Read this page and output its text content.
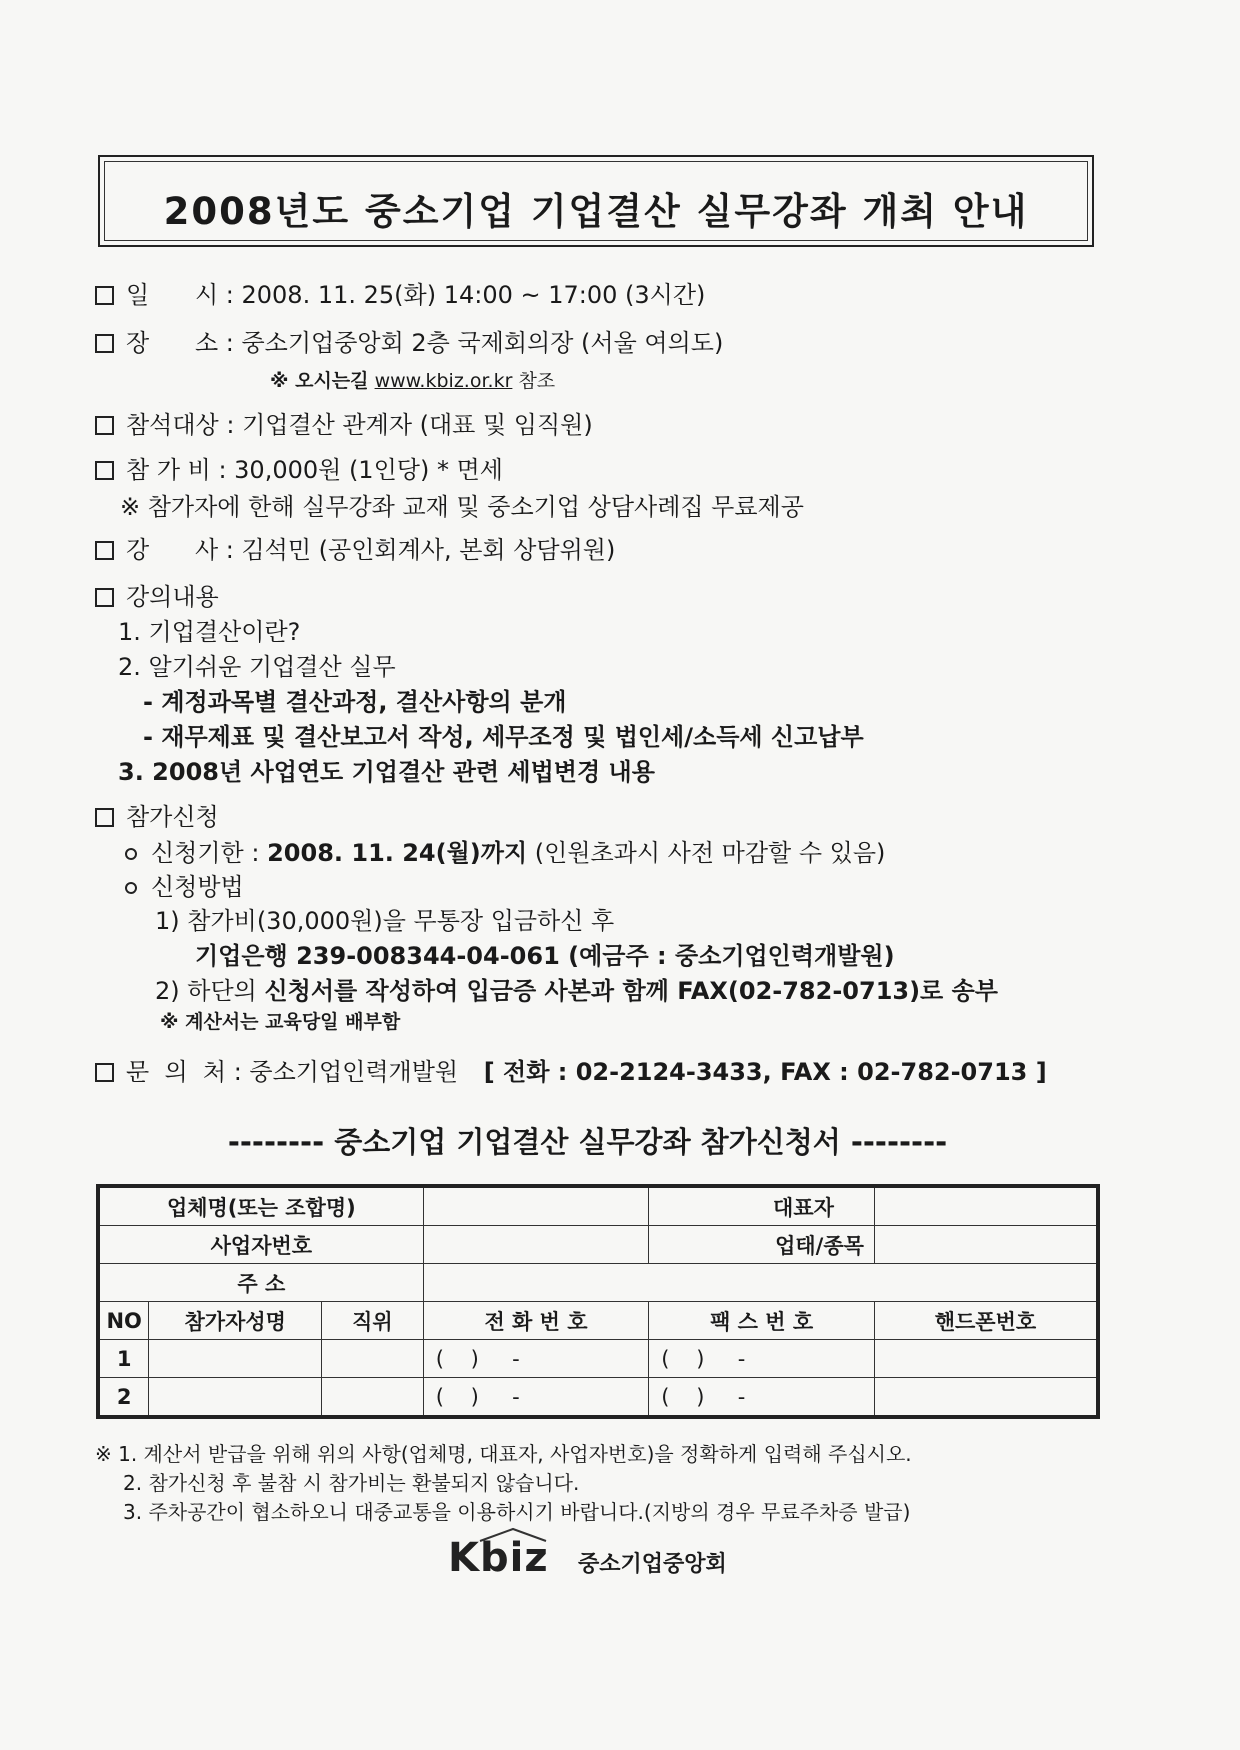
2008년도 중소기업 기업결산 실무강좌 개최 안내
일      시 : 2008. 11. 25(화) 14:00 ~ 17:00 (3시간)
장      소 : 중소기업중앙회 2층 국제회의장 (서울 여의도)
※ 오시는길 www.kbiz.or.kr 참조
참석대상 : 기업결산 관계자 (대표 및 임직원)
참 가 비 : 30,000원 (1인당) * 면세
※ 참가자에 한해 실무강좌 교재 및 중소기업 상담사례집 무료제공
강      사 : 김석민 (공인회계사, 본회 상담위원)
강의내용
1. 기업결산이란?
2. 알기쉬운 기업결산 실무
- 계정과목별 결산과정, 결산사항의 분개
- 재무제표 및 결산보고서 작성, 세무조정 및 법인세/소득세 신고납부
3. 2008년 사업연도 기업결산 관련 세법변경 내용
참가신청
신청기한 : 2008. 11. 24(월)까지 (인원초과시 사전 마감할 수 있음)
신청방법
1) 참가비(30,000원)을 무통장 입금하신 후
기업은행 239-008344-04-061 (예금주 : 중소기업인력개발원)
2) 하단의 신청서를 작성하여 입금증 사본과 함께 FAX(02-782-0713)로 송부
※ 계산서는 교육당일 배부함
문  의  처 : 중소기업인력개발원 [ 전화 : 02-2124-3433, FAX : 02-782-0713 ]
-------- 중소기업 기업결산 실무강좌 참가신청서 --------
업체명(또는 조합명)				대표자	
사업자번호				업태/종목	
주 소					
NO	참가자성명	직위	전 화 번 호	팩 스 번 호	핸드폰번호
1			(    )     -	(    )     -	
2			(    )     -	(    )     -	
※ 1. 계산서 받급을 위해 위의 사항(업체명, 대표자, 사업자번호)을 정확하게 입력해 주십시오.
2. 참가신청 후 불참 시 참가비는 환불되지 않습니다.
3. 주차공간이 협소하오니 대중교통을 이용하시기 바랍니다.(지방의 경우 무료주차증 발급)
Kbiz 중소기업중앙회
